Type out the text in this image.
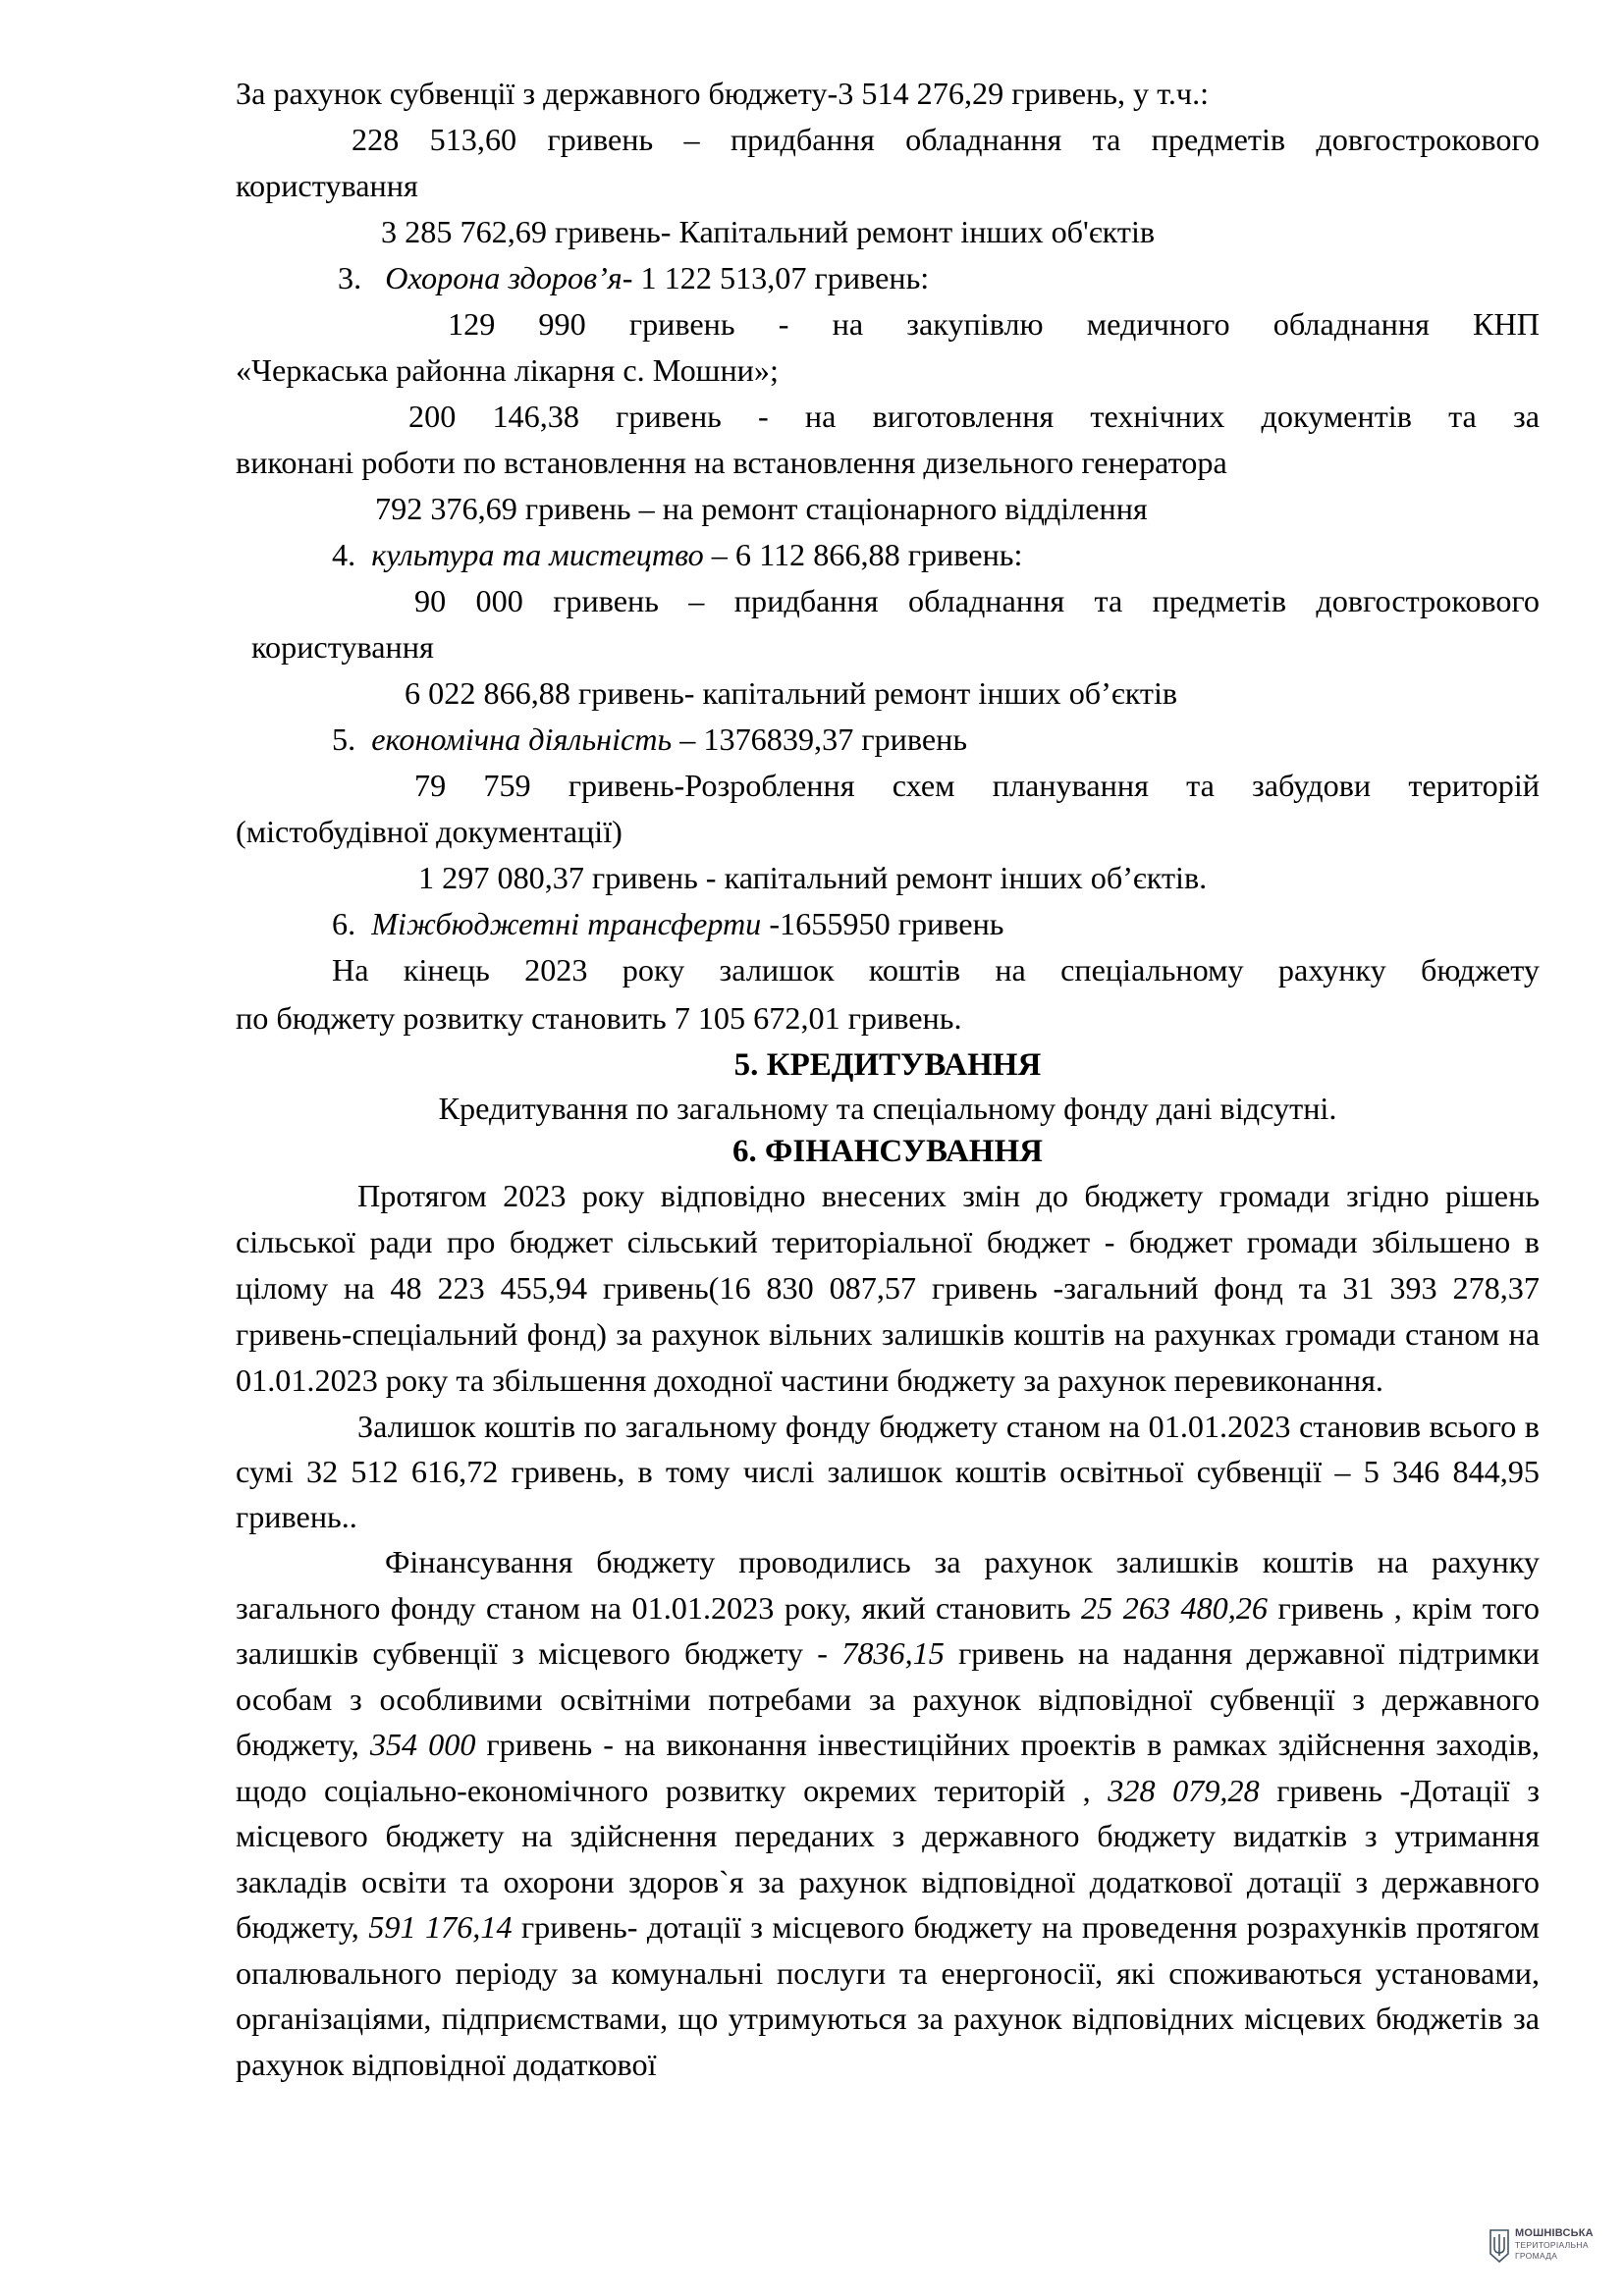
За рахунок субвенції з державного бюджету-3 514 276,29 гривень, у т.ч.:

228 513,60 гривень – придбання обладнання та предметів довгострокового

користування

3 285 762,69 гривень- Капітальний ремонт інших об'єктів

3. Охорона здоров’я- 1 122 513,07 гривень:

129 990 гривень - на закупівлю медичного обладнання КНП

«Черкаська районна лікарня с. Мошни»;

200 146,38 гривень - на виготовлення технічних документів та за

виконані роботи по встановлення на встановлення дизельного генератора

792 376,69 гривень – на ремонт стаціонарного відділення

4. культура та мистецтво – 6 112 866,88 гривень:

90 000 гривень – придбання обладнання та предметів довгострокового

користування

6 022 866,88 гривень- капітальний ремонт інших об’єктів

5. економічна діяльність – 1376839,37 гривень

79 759 гривень-Розроблення схем планування та забудови територій

(містобудівної документації)

1 297 080,37 гривень - капітальний ремонт інших об’єктів.

6. Міжбюджетні трансферти -1655950 гривень

На кінець 2023 року залишок коштів на спеціальному рахунку бюджету

по бюджету розвитку становить 7 105 672,01 гривень.

5. КРЕДИТУВАННЯ

Кредитування по загальному та спеціальному фонду дані відсутні.

6. ФІНАНСУВАННЯ

Протягом 2023 року відповідно внесених змін до бюджету громади згідно рішень сільської ради про бюджет сільський територіальної бюджет - бюджет громади збільшено в цілому на 48 223 455,94 гривень(16 830 087,57 гривень -загальний фонд та 31 393 278,37 гривень-спеціальний фонд) за рахунок вільних залишків коштів на рахунках громади станом на 01.01.2023 року та збільшення доходної частини бюджету за рахунок перевиконання.

Залишок коштів по загальному фонду бюджету станом на 01.01.2023 становив всього в сумі 32 512 616,72 гривень, в тому числі залишок коштів освітньої субвенції – 5 346 844,95 гривень..

Фінансування бюджету проводились за рахунок залишків коштів на рахунку загального фонду станом на 01.01.2023 року, який становить 25 263 480,26 гривень , крім того залишків субвенції з місцевого бюджету - 7836,15 гривень на надання державної підтримки особам з особливими освітніми потребами за рахунок відповідної субвенції з державного бюджету, 354 000 гривень - на виконання інвестиційних проектів в рамках здійснення заходів, щодо соціально-економічного розвитку окремих територій , 328 079,28 гривень -Дотації з місцевого бюджету на здійснення переданих з державного бюджету видатків з утримання закладів освіти та охорони здоров`я за рахунок відповідної додаткової дотації з державного бюджету, 591 176,14 гривень- дотації з місцевого бюджету на проведення розрахунків протягом опалювального періоду за комунальні послуги та енергоносії, які споживаються установами, організаціями, підприємствами, що утримуються за рахунок відповідних місцевих бюджетів за рахунок відповідної додаткової

МОШНІВСЬКА
ТЕРИТОРІАЛЬНА
ГРОМАДА
